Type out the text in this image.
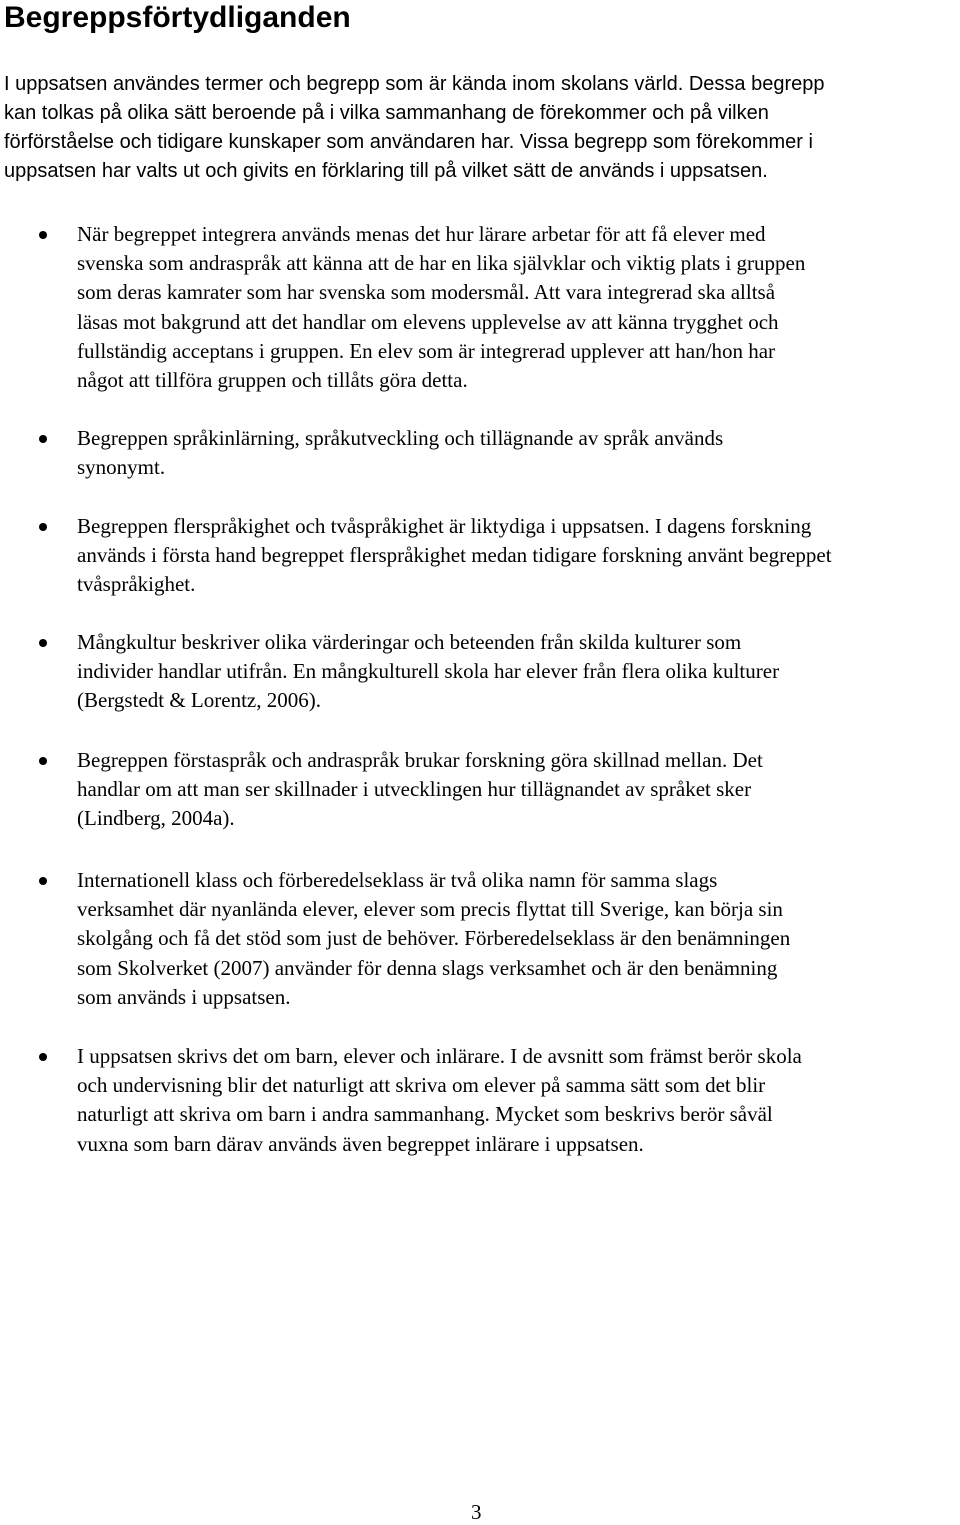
Begreppsförtydliganden

I uppsatsen användes termer och begrepp som är kända inom skolans värld. Dessa begrepp
kan tolkas på olika sätt beroende på i vilka sammanhang de förekommer och på vilken
förförståelse och tidigare kunskaper som användaren har. Vissa begrepp som förekommer i
uppsatsen har valts ut och givits en förklaring till på vilket sätt de används i uppsatsen.

När begreppet integrera används menas det hur lärare arbetar för att få elever med
svenska som andraspråk att känna att de har en lika självklar och viktig plats i gruppen
som deras kamrater som har svenska som modersmål. Att vara integrerad ska alltså
läsas mot bakgrund att det handlar om elevens upplevelse av att känna trygghet och
fullständig acceptans i gruppen. En elev som är integrerad upplever att han/hon har
något att tillföra gruppen och tillåts göra detta.
Begreppen språkinlärning, språkutveckling och tillägnande av språk används
synonymt.
Begreppen flerspråkighet och tvåspråkighet är liktydiga i uppsatsen. I dagens forskning
används i första hand begreppet flerspråkighet medan tidigare forskning använt begreppet
tvåspråkighet.
Mångkultur beskriver olika värderingar och beteenden från skilda kulturer som
individer handlar utifrån. En mångkulturell skola har elever från flera olika kulturer
(Bergstedt & Lorentz, 2006).
Begreppen förstaspråk och andraspråk brukar forskning göra skillnad mellan. Det
handlar om att man ser skillnader i utvecklingen hur tillägnandet av språket sker
(Lindberg, 2004a).
Internationell klass och förberedelseklass är två olika namn för samma slags
verksamhet där nyanlända elever, elever som precis flyttat till Sverige, kan börja sin
skolgång och få det stöd som just de behöver. Förberedelseklass är den benämningen
som Skolverket (2007) använder för denna slags verksamhet och är den benämning
som används i uppsatsen.
I uppsatsen skrivs det om barn, elever och inlärare. I de avsnitt som främst berör skola
och undervisning blir det naturligt att skriva om elever på samma sätt som det blir
naturligt att skriva om barn i andra sammanhang. Mycket som beskrivs berör såväl
vuxna som barn därav används även begreppet inlärare i uppsatsen.
3
